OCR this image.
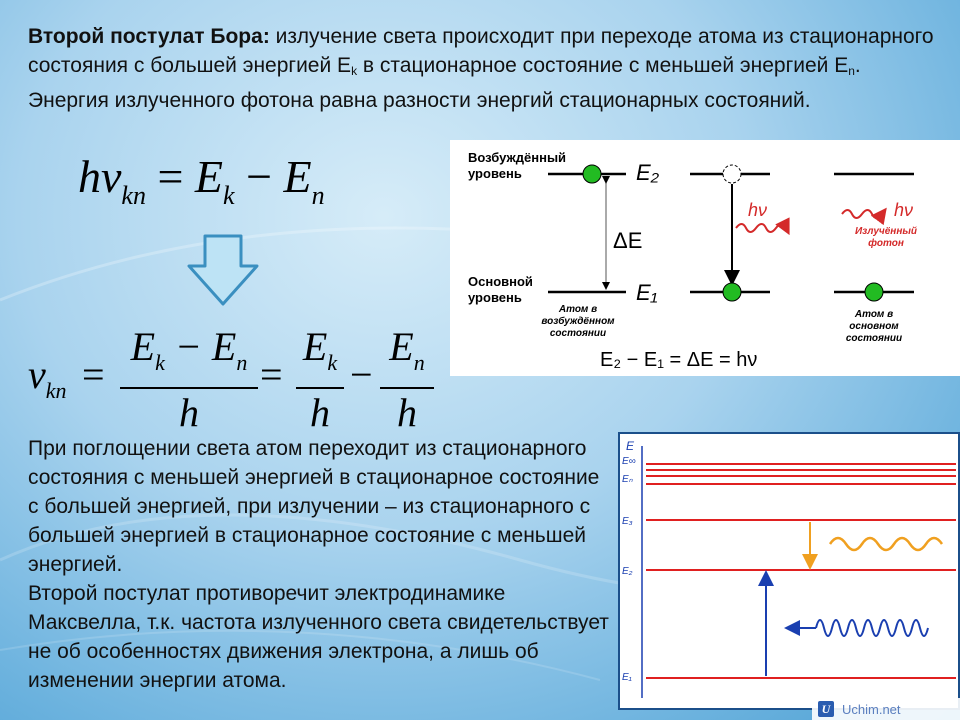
Второй постулат Бора: излучение света происходит при переходе атома из стационарного состояния с большей энергией $E_k$ в стационарное состояние с меньшей энергией $E_n$. Энергия излученного фотона равна разности энергий стационарных состояний.
$h\nu_{kn} = E_k - E_n$
$\nu_{kn}$ =
$E_k - E_n$
h
=
$E_k$
h
−
$E_n$
h
Возбуждённый
уровень
Основной
уровень
E₂
ΔE
E₁
Атом в
возбуждённом
состоянии
hν	hν
Излучённый
фотон
Атом в
основном
состоянии
E₂ − E₁ = ΔE = hν

При поглощении света атом переходит из стационарного состояния с меньшей энергией в стационарное состояние с большей энергией, при излучении – из стационарного с большей энергией в стационарное состояние с меньшей энергией.

Второй постулат противоречит электродинамике Максвелла, т.к. частота излученного света свидетельствует не об особенностях движения электрона, а лишь об изменении энергии атома.

E
E∞
Eₙ
E₃
E₂
E₁
U Uchim.net
